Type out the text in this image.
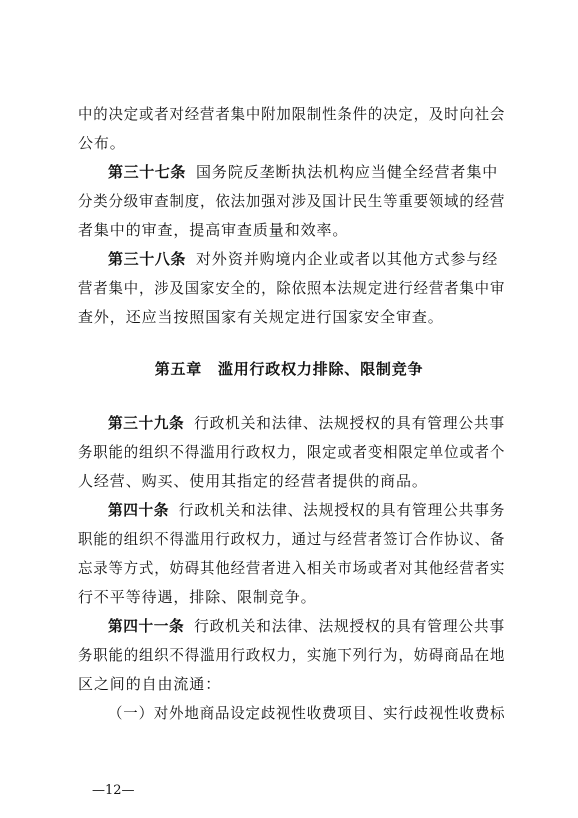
中的决定或者对经营者集中附加限制性条件的决定，及时向社会
公布。
第三十七条 国务院反垄断执法机构应当健全经营者集中
分类分级审查制度，依法加强对涉及国计民生等重要领域的经营
者集中的审查，提高审查质量和效率。
第三十八条 对外资并购境内企业或者以其他方式参与经
营者集中，涉及国家安全的，除依照本法规定进行经营者集中审
查外，还应当按照国家有关规定进行国家安全审查。
第五章　滥用行政权力排除、限制竞争
第三十九条 行政机关和法律、法规授权的具有管理公共事
务职能的组织不得滥用行政权力，限定或者变相限定单位或者个
人经营、购买、使用其指定的经营者提供的商品。
第四十条 行政机关和法律、法规授权的具有管理公共事务
职能的组织不得滥用行政权力，通过与经营者签订合作协议、备
忘录等方式，妨碍其他经营者进入相关市场或者对其他经营者实
行不平等待遇，排除、限制竞争。
第四十一条 行政机关和法律、法规授权的具有管理公共事
务职能的组织不得滥用行政权力，实施下列行为，妨碍商品在地
区之间的自由流通：
（一）对外地商品设定歧视性收费项目、实行歧视性收费标
—12—
